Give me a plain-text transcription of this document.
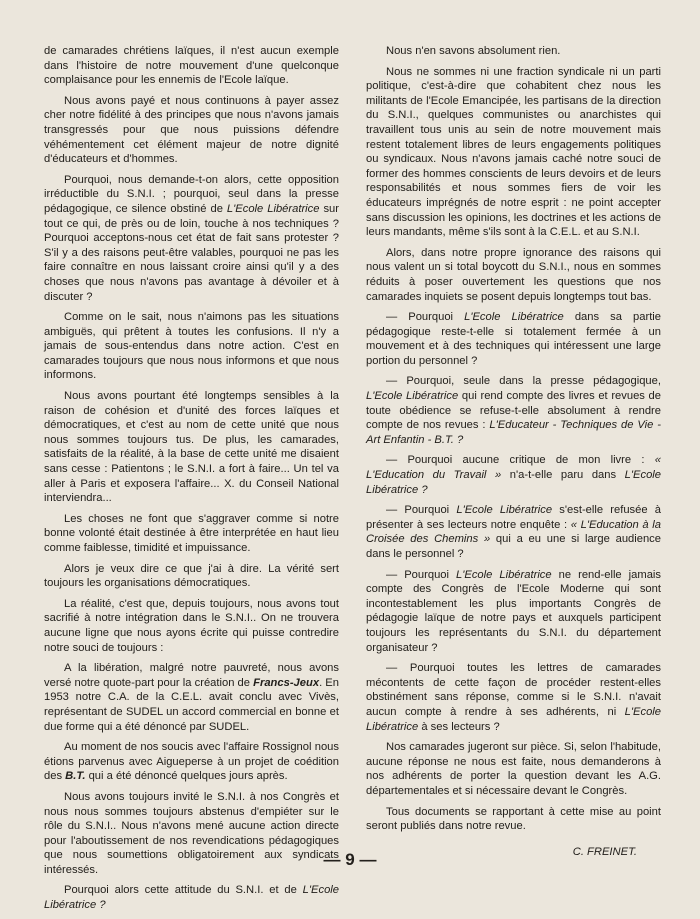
de camarades chrétiens laïques, il n'est aucun exemple dans l'histoire de notre mouvement d'une quelconque complaisance pour les ennemis de l'Ecole laïque.

Nous avons payé et nous continuons à payer assez cher notre fidélité à des principes que nous n'avons jamais transgressés pour que nous puissions défendre véhémentement cet élément majeur de notre dignité d'éducateurs et d'hommes.

Pourquoi, nous demande-t-on alors, cette opposition irréductible du S.N.I. ; pourquoi, seul dans la presse pédagogique, ce silence obstiné de L'Ecole Libératrice sur tout ce qui, de près ou de loin, touche à nos techniques ? Pourquoi acceptons-nous cet état de fait sans protester ? S'il y a des raisons peut-être valables, pourquoi ne pas les faire connaître en nous laissant croire ainsi qu'il y a des choses que nous n'avons pas avantage à dévoiler et à discuter ?

Comme on le sait, nous n'aimons pas les situations ambiguës, qui prêtent à toutes les confusions. Il n'y a jamais de sous-entendus dans notre action. C'est en camarades toujours que nous nous informons et que nous informons.

Nous avons pourtant été longtemps sensibles à la raison de cohésion et d'unité des forces laïques et démocratiques, et c'est au nom de cette unité que nous nous sommes toujours tus. De plus, les camarades, satisfaits de la réalité, à la base de cette unité me disaient sans cesse : Patientons ; le S.N.I. a fort à faire... Un tel va aller à Paris et exposera l'affaire... X. du Conseil National interviendra...

Les choses ne font que s'aggraver comme si notre bonne volonté était destinée à être interprétée en haut lieu comme faiblesse, timidité et impuissance.

Alors je veux dire ce que j'ai à dire. La vérité sert toujours les organisations démocratiques.

La réalité, c'est que, depuis toujours, nous avons tout sacrifié à notre intégration dans le S.N.I.. On ne trouvera aucune ligne que nous ayons écrite qui puisse contredire notre souci de toujours :

A la libération, malgré notre pauvreté, nous avons versé notre quote-part pour la création de Francs-Jeux. En 1953 notre C.A. de la C.E.L. avait conclu avec Vivès, représentant de SUDEL un accord commercial en bonne et due forme qui a été dénoncé par SUDEL.

Au moment de nos soucis avec l'affaire Rossignol nous étions parvenus avec Aigueperse à un projet de coédition des B.T. qui a été dénoncé quelques jours après.

Nous avons toujours invité le S.N.I. à nos Congrès et nous nous sommes toujours abstenus d'empiéter sur le rôle du S.N.I.. Nous n'avons mené aucune action directe pour l'aboutissement de nos revendications pédagogiques que nous soumettions obligatoirement aux syndicats intéressés.

Pourquoi alors cette attitude du S.N.I. et de L'Ecole Libératrice ?

Nous n'en savons absolument rien.

Nous ne sommes ni une fraction syndicale ni un parti politique, c'est-à-dire que cohabitent chez nous les militants de l'Ecole Emancipée, les partisans de la direction du S.N.I., quelques communistes ou anarchistes qui travaillent tous unis au sein de notre mouvement mais restent totalement libres de leurs engagements politiques ou syndicaux. Nous n'avons jamais caché notre souci de former des hommes conscients de leurs devoirs et de leurs responsabilités et nous sommes fiers de voir les éducateurs imprégnés de notre esprit : ne point accepter sans discussion les opinions, les doctrines et les actions de leurs mandants, même s'ils sont à la C.E.L. et au S.N.I.

Alors, dans notre propre ignorance des raisons qui nous valent un si total boycott du S.N.I., nous en sommes réduits à poser ouvertement les questions que nos camarades inquiets se posent depuis longtemps tout bas.

— Pourquoi L'Ecole Libératrice dans sa partie pédagogique reste-t-elle si totalement fermée à un mouvement et à des techniques qui intéressent une large portion du personnel ?

— Pourquoi, seule dans la presse pédagogique, L'Ecole Libératrice qui rend compte des livres et revues de toute obédience se refuse-t-elle absolument à rendre compte de nos revues : L'Educateur - Techniques de Vie - Art Enfantin - B.T. ?

— Pourquoi aucune critique de mon livre : « L'Education du Travail » n'a-t-elle paru dans L'Ecole Libératrice ?

— Pourquoi L'Ecole Libératrice s'est-elle refusée à présenter à ses lecteurs notre enquête : « L'Education à la Croisée des Chemins » qui a eu une si large audience dans le personnel ?

— Pourquoi L'Ecole Libératrice ne rend-elle jamais compte des Congrès de l'Ecole Moderne qui sont incontestablement les plus importants Congrès de pédagogie laïque de notre pays et auxquels participent toujours les représentants du S.N.I. du département organisateur ?

— Pourquoi toutes les lettres de camarades mécontents de cette façon de procéder restent-elles obstinément sans réponse, comme si le S.N.I. n'avait aucun compte à rendre à ses adhérents, ni L'Ecole Libératrice à ses lecteurs ?

Nos camarades jugeront sur pièce. Si, selon l'habitude, aucune réponse ne nous est faite, nous demanderons à nos adhérents de porter la question devant les A.G. départementales et si nécessaire devant le Congrès.

Tous documents se rapportant à cette mise au point seront publiés dans notre revue.

C. FREINET.
— 9 —
